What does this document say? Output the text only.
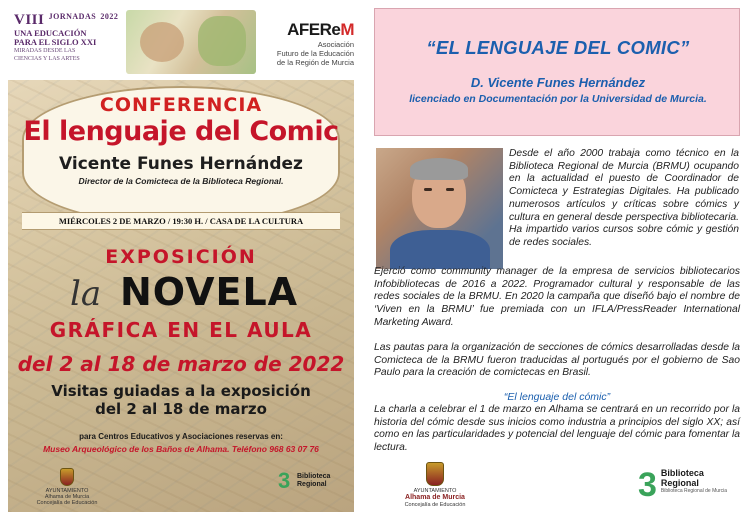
VIII $^{JORNADAS}$ $^{2022}$
UNA EDUCACIÓN
PARA EL SIGLO XXI
MIRADAS DESDE LAS
CIENCIAS Y LAS ARTES
AFEReM
Asociación
Futuro de la Educación
de la Región de Murcia
CONFERENCIA
El lenguaje del Comic
Vicente Funes Hernández
Director de la Comicteca de la Biblioteca Regional.
MIÉRCOLES 2 DE MARZO / 19:30 H. / CASA DE LA CULTURA
EXPOSICIÓN
la NOVELA
GRÁFICA EN EL AULA
del 2 al 18 de marzo de 2022
Visitas guiadas a la exposición
del 2 al 18 de marzo
para Centros Educativos y Asociaciones reservas en:
Museo Arqueológico de los Baños de Alhama. Teléfono 968 63 07 76
AYUNTAMIENTO
Alhama de Murcia
Concejalía de Educación
3 Biblioteca
Regional
“EL LENGUAJE DEL COMIC”
D. Vicente Funes Hernández
licenciado en Documentación por la Universidad de Murcia.
Desde el año 2000 trabaja como técnico en la Biblioteca Regional de Murcia (BRMU) ocupando en la actualidad el puesto de Coordinador de Comicteca y Estrategias Digitales. Ha publicado numerosos artículos y críticas sobre cómics y cultura en general desde perspectiva bibliotecaria. Ha impartido varios cursos sobre cómic y gestión de redes sociales.
Ejerció como community manager de la empresa de servicios bibliotecarios Infobibliotecas de 2016 a 2022. Programador cultural y responsable de las redes sociales de la BRMU. En 2020 la campaña que diseñó bajo el nombre de ‘Viven en la BRMU’ fue premiada con un IFLA/PressReader International Marketing Award.
Las pautas para la organización de secciones de cómics desarrolladas desde la Comicteca de la BRMU fueron traducidas al portugués por el gobierno de Sao Paulo para la creación de comictecas en Brasil.
“El lenguaje del cómic”
La charla a celebrar el 1 de marzo en Alhama se centrará en un recorrido por la historia del cómic desde sus inicios como industria a principios del siglo XX; así como en las particularidades y potencial del lenguaje del cómic para fomentar la lectura.
AYUNTAMIENTO
Alhama de Murcia
Concejalía de Educación
3 Biblioteca
Regional
Biblioteca Regional de Murcia
